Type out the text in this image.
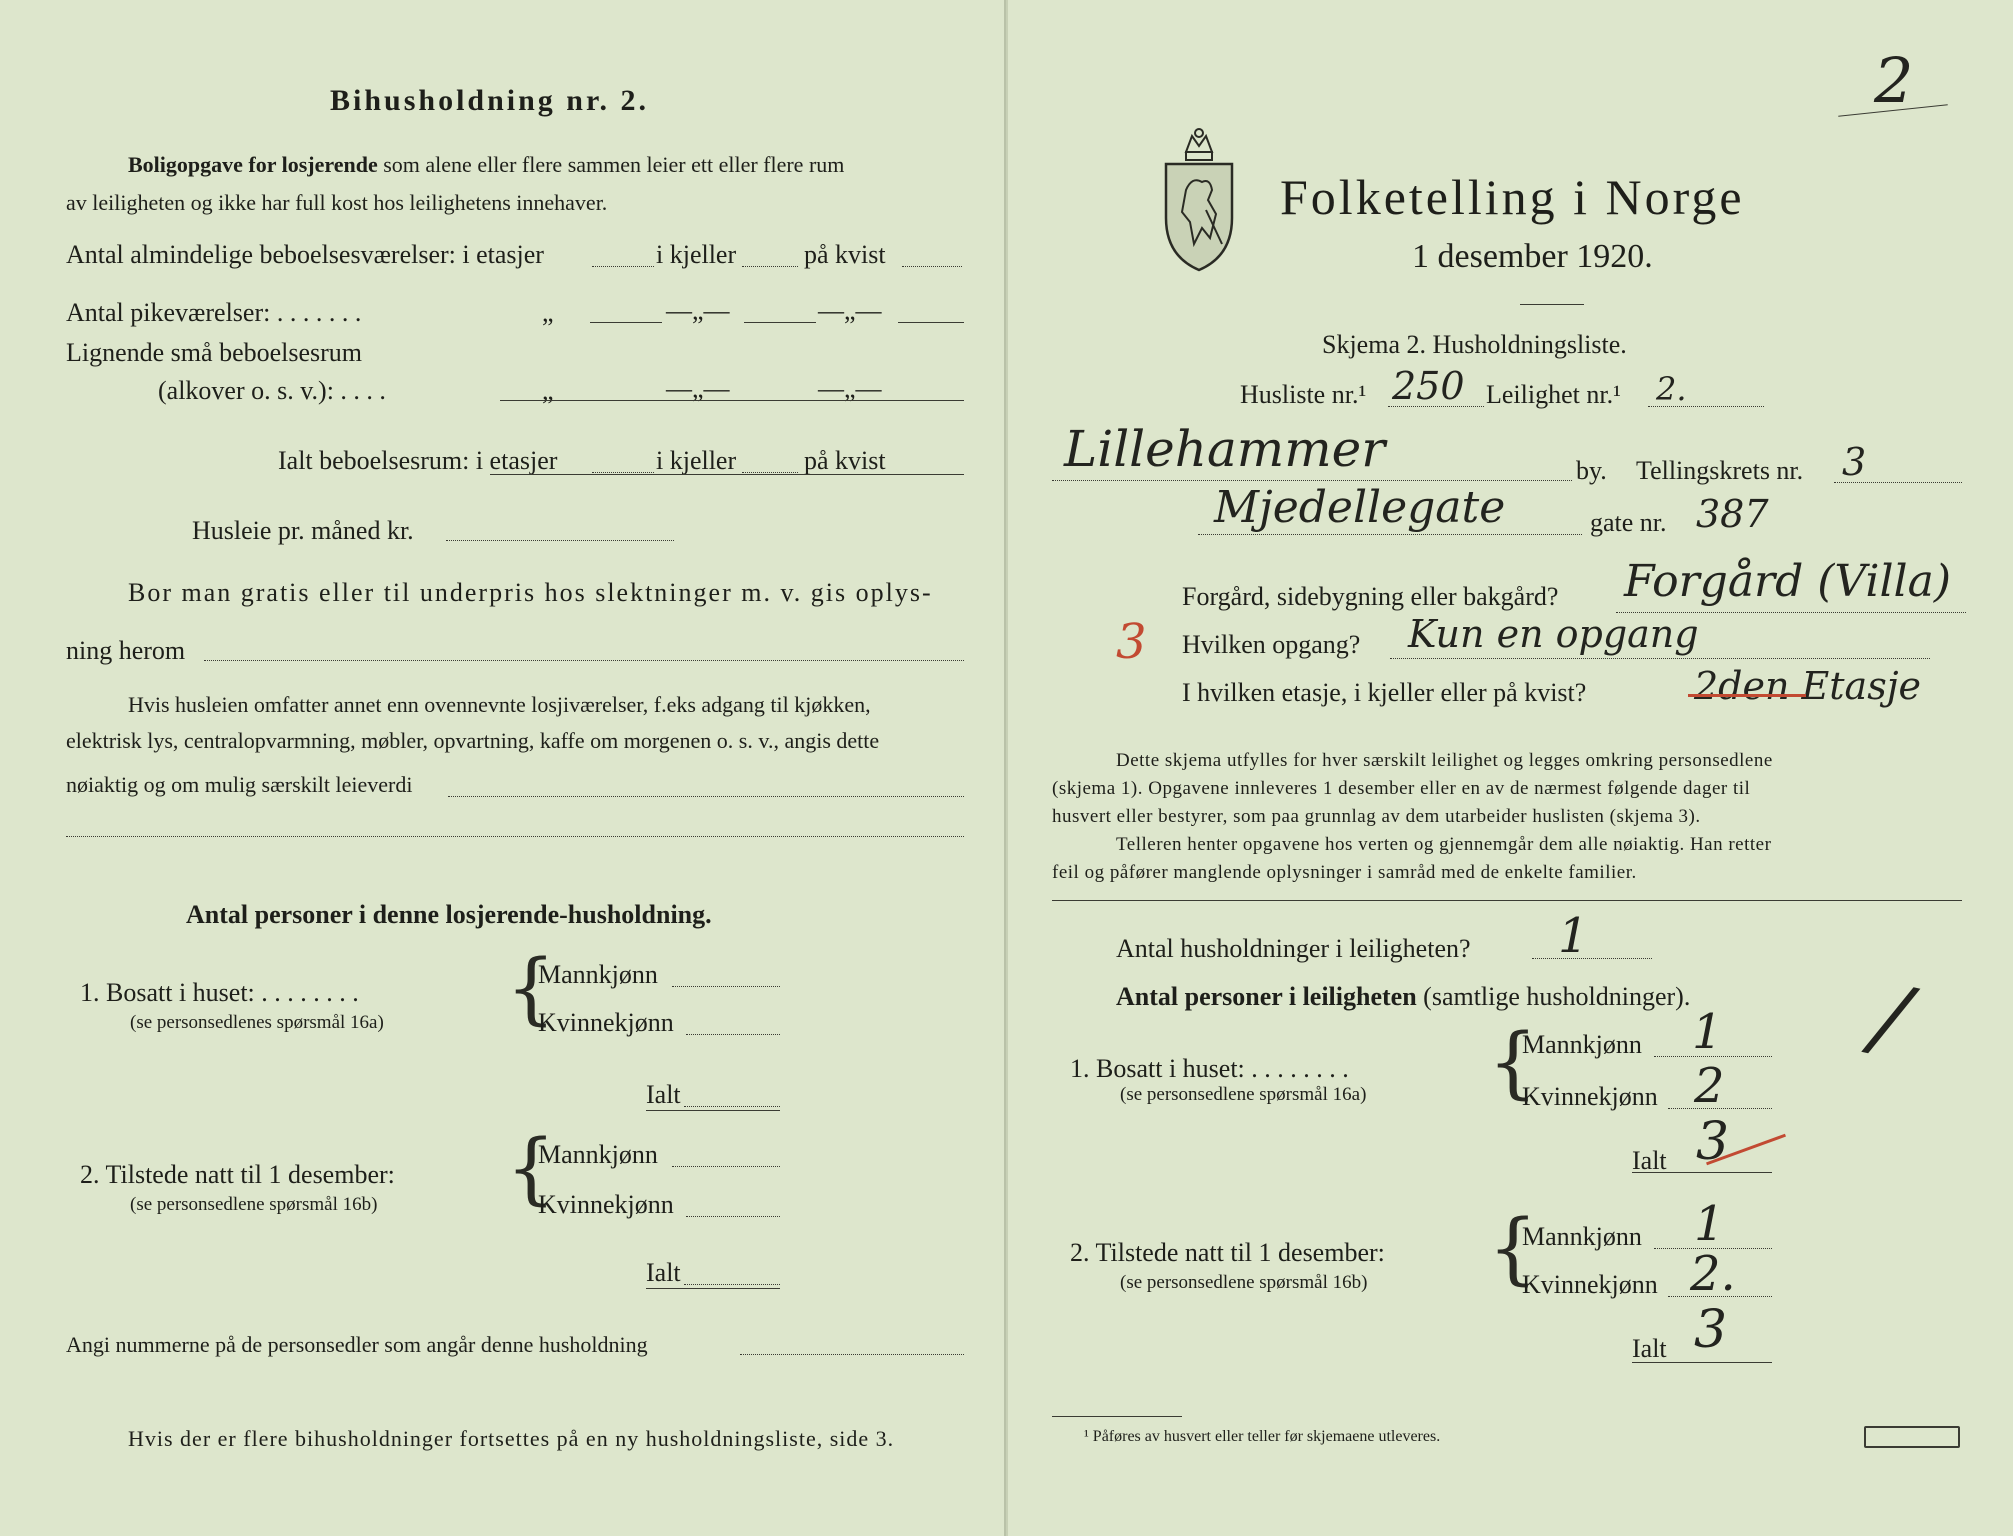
Bihusholdning nr. 2.
Boligopgave for losjerende som alene eller flere sammen leier ett eller flere rum
av leiligheten og ikke har full kost hos leilighetens innehaver.
Antal almindelige beboelsesværelser: i etasjer	i kjeller	på kvist
Antal pikeværelser: . . . . . . .	„	—„—	—„—
Lignende små beboelsesrum
(alkover o. s. v.): . . . .	„	—„—	—„—
Ialt beboelsesrum: i etasjer	i kjeller	på kvist
Husleie pr. måned kr.
Bor man gratis eller til underpris hos slektninger m. v. gis oplys-
ning herom
Hvis husleien omfatter annet enn ovennevnte losjiværelser, f.eks adgang til kjøkken,
elektrisk lys, centralopvarmning, møbler, opvartning, kaffe om morgenen o. s. v., angis dette
nøiaktig og om mulig særskilt leieverdi
Antal personer i denne losjerende-husholdning.
1. Bosatt i huset: . . . . . . . .
(se personsedlenes spørsmål 16a) {
Mannkjønn
Kvinnekjønn
Ialt
2. Tilstede natt til 1 desember:
(se personsedlene spørsmål 16b) {
Mannkjønn
Kvinnekjønn
Ialt
Angi nummerne på de personsedler som angår denne husholdning
Hvis der er flere bihusholdninger fortsettes på en ny husholdningsliste, side 3.
2
Folketelling i Norge
1 desember 1920.
Skjema 2. Husholdningsliste.
Husliste nr.¹ 250 Leilighet nr.¹ 2.
Lillehammer	by. Tellingskrets nr. 3
Mjedellegate	gate nr. 387
Forgård, sidebygning eller bakgård? Forgård (Villa)
3 Hvilken opgang? Kun en opgang
I hvilken etasje, i kjeller eller på kvist?	2den Etasje
Dette skjema utfylles for hver særskilt leilighet og legges omkring personsedlene
(skjema 1). Opgavene innleveres 1 desember eller en av de nærmest følgende dager til
husvert eller bestyrer, som paa grunnlag av dem utarbeider huslisten (skjema 3).
Telleren henter opgavene hos verten og gjennemgår dem alle nøiaktig. Han retter
feil og påfører manglende oplysninger i samråd med de enkelte familier.
Antal husholdninger i leiligheten? 1
Antal personer i leiligheten (samtlige husholdninger). /
1. Bosatt i huset: . . . . . . . .
(se personsedlene spørsmål 16a) {
Mannkjønn 1
Kvinnekjønn 2
Ialt 3
2. Tilstede natt til 1 desember:
(se personsedlene spørsmål 16b) {
Mannkjønn 1
Kvinnekjønn 2.
Ialt 3
¹ Påføres av husvert eller teller før skjemaene utleveres.
